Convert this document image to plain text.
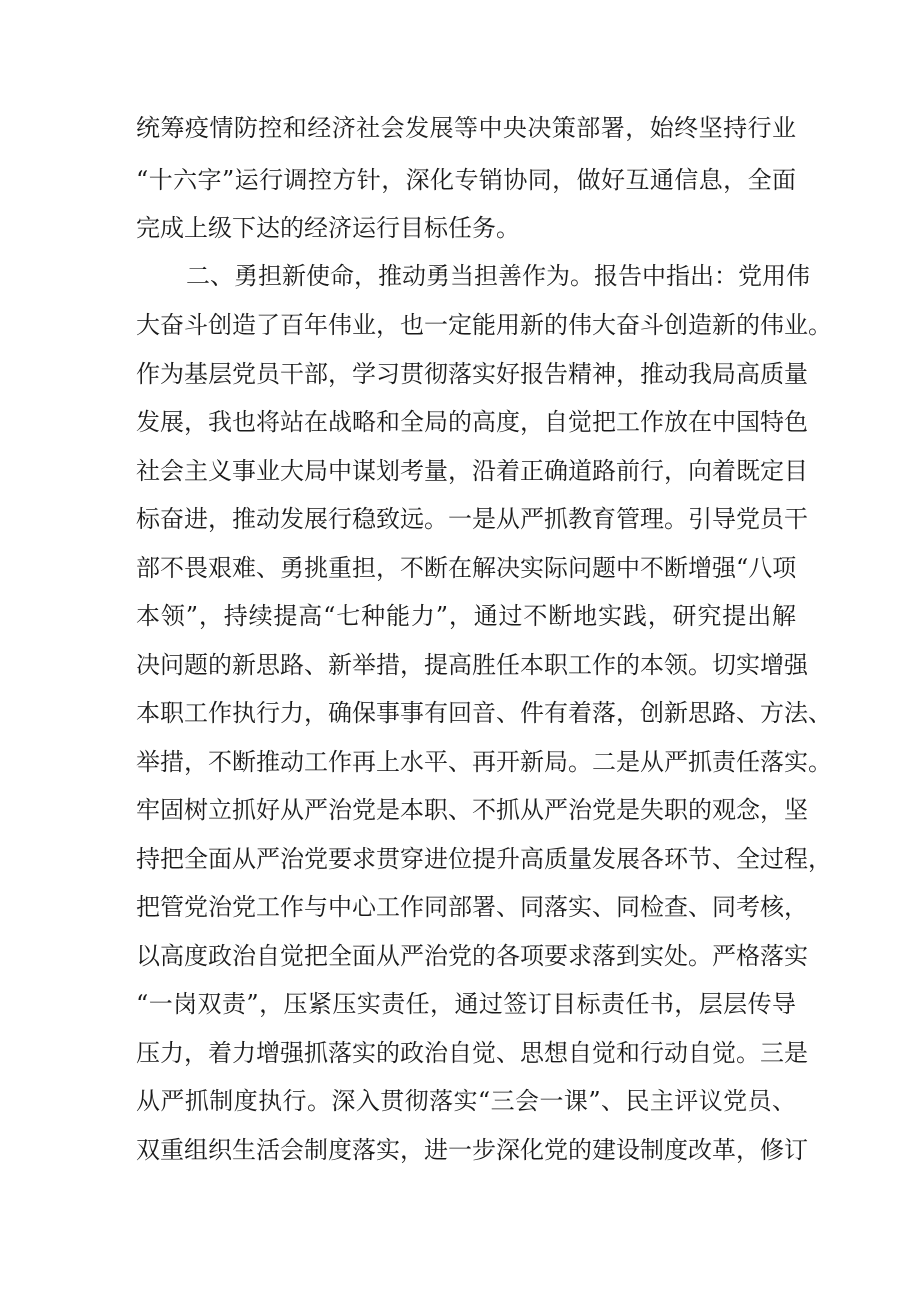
统筹疫情防控和经济社会发展等中央决策部署，始终坚持行业
“十六字”运行调控方针，深化专销协同，做好互通信息，全面
完成上级下达的经济运行目标任务。
二、勇担新使命，推动勇当担善作为。报告中指出：党用伟
大奋斗创造了百年伟业，也一定能用新的伟大奋斗创造新的伟业。
作为基层党员干部，学习贯彻落实好报告精神，推动我局高质量
发展，我也将站在战略和全局的高度，自觉把工作放在中国特色
社会主义事业大局中谋划考量，沿着正确道路前行，向着既定目
标奋进，推动发展行稳致远。一是从严抓教育管理。引导党员干
部不畏艰难、勇挑重担，不断在解决实际问题中不断增强“八项
本领”，持续提高“七种能力”，通过不断地实践，研究提出解
决问题的新思路、新举措，提高胜任本职工作的本领。切实增强
本职工作执行力，确保事事有回音、件有着落，创新思路、方法、
举措，不断推动工作再上水平、再开新局。二是从严抓责任落实。
牢固树立抓好从严治党是本职、不抓从严治党是失职的观念，坚
持把全面从严治党要求贯穿进位提升高质量发展各环节、全过程，
把管党治党工作与中心工作同部署、同落实、同检查、同考核，
以高度政治自觉把全面从严治党的各项要求落到实处。严格落实
“一岗双责”，压紧压实责任，通过签订目标责任书，层层传导
压力，着力增强抓落实的政治自觉、思想自觉和行动自觉。三是
从严抓制度执行。深入贯彻落实“三会一课”、民主评议党员、
双重组织生活会制度落实，进一步深化党的建设制度改革，修订
